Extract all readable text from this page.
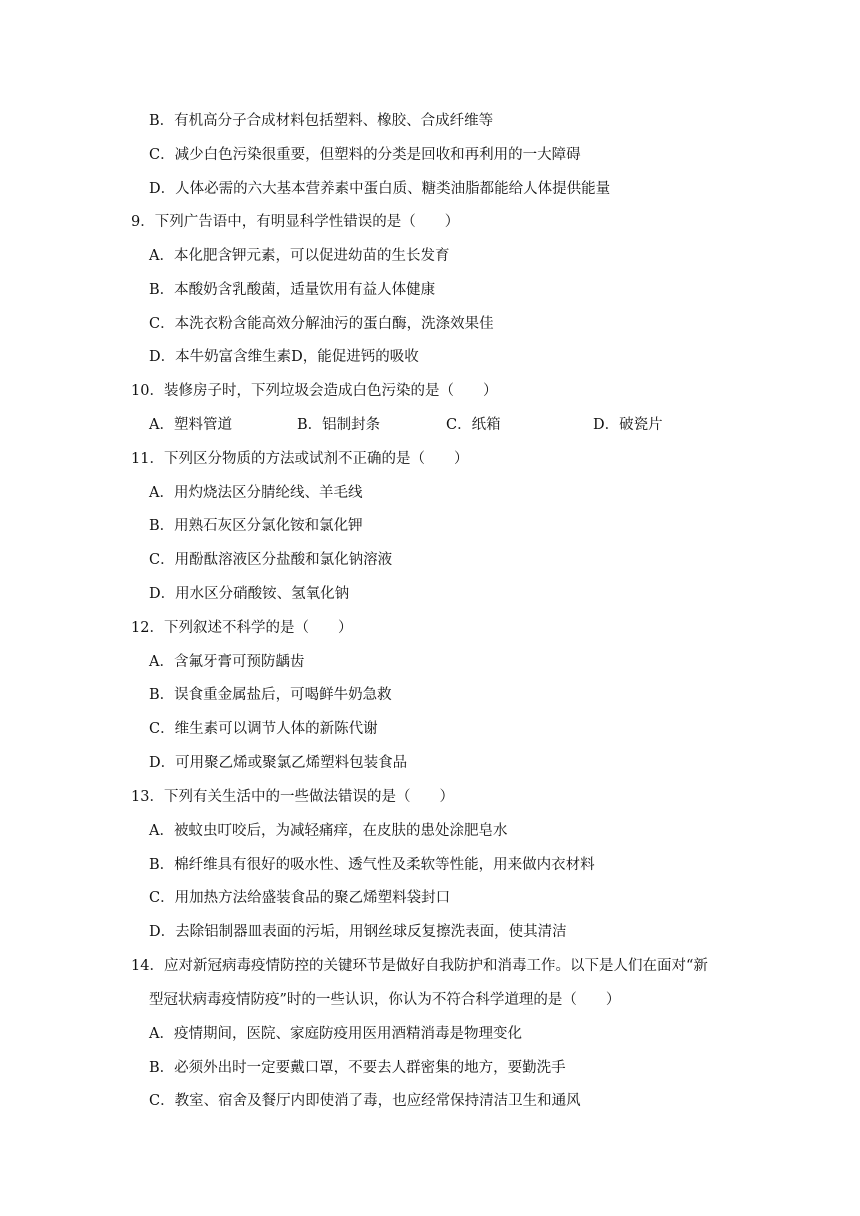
B．有机高分子合成材料包括塑料、橡胶、合成纤维等
C．减少白色污染很重要，但塑料的分类是回收和再利用的一大障碍
D．人体必需的六大基本营养素中蛋白质、糖类油脂都能给人体提供能量
9．下列广告语中，有明显科学性错误的是（　　）
A．本化肥含钾元素，可以促进幼苗的生长发育
B．本酸奶含乳酸菌，适量饮用有益人体健康
C．本洗衣粉含能高效分解油污的蛋白酶，洗涤效果佳
D．本牛奶富含维生素D，能促进钙的吸收
10．装修房子时，下列垃圾会造成白色污染的是（　　）
A．塑料管道	B．铝制封条	C．纸箱	D．破瓷片
11．下列区分物质的方法或试剂不正确的是（　　）
A．用灼烧法区分腈纶线、羊毛线
B．用熟石灰区分氯化铵和氯化钾
C．用酚酞溶液区分盐酸和氯化钠溶液
D．用水区分硝酸铵、氢氧化钠
12．下列叙述不科学的是（　　）
A．含氟牙膏可预防龋齿
B．误食重金属盐后，可喝鲜牛奶急救
C．维生素可以调节人体的新陈代谢
D．可用聚乙烯或聚氯乙烯塑料包装食品
13．下列有关生活中的一些做法错误的是（　　）
A．被蚊虫叮咬后，为减轻痛痒，在皮肤的患处涂肥皂水
B．棉纤维具有很好的吸水性、透气性及柔软等性能，用来做内衣材料
C．用加热方法给盛装食品的聚乙烯塑料袋封口
D．去除铝制器皿表面的污垢，用钢丝球反复擦洗表面，使其清洁
14．应对新冠病毒疫情防控的关键环节是做好自我防护和消毒工作。以下是人们在面对“新
型冠状病毒疫情防疫”时的一些认识，你认为不符合科学道理的是（　　）
A．疫情期间，医院、家庭防疫用医用酒精消毒是物理变化
B．必须外出时一定要戴口罩，不要去人群密集的地方，要勤洗手
C．教室、宿舍及餐厅内即使消了毒，也应经常保持清洁卫生和通风
